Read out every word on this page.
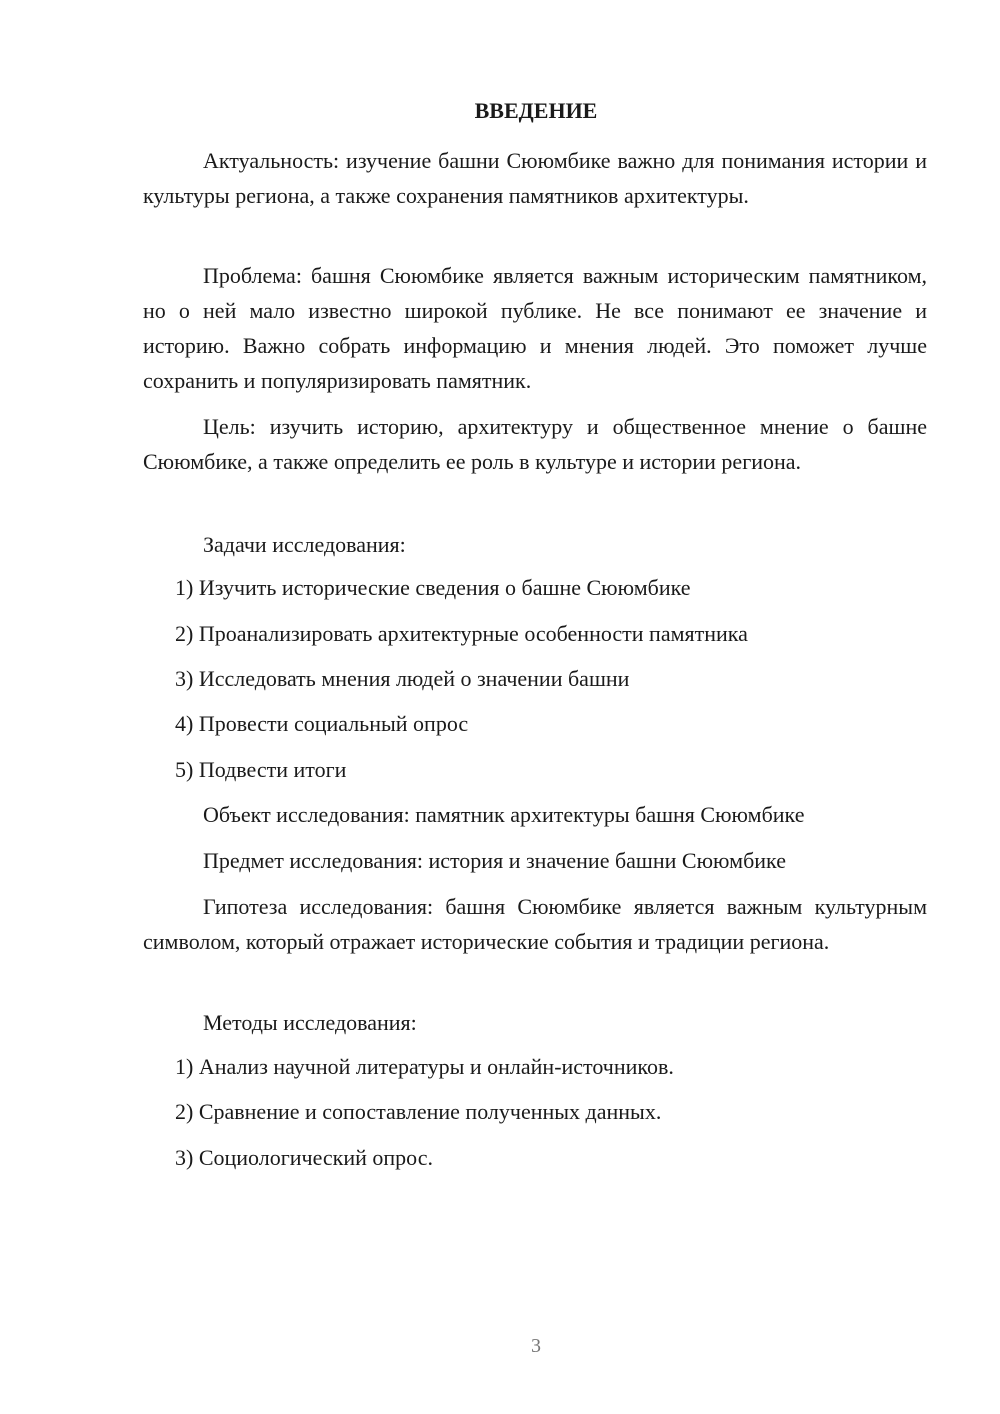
ВВЕДЕНИЕ

Актуальность: изучение башни Сююмбике важно для понимания истории и культуры региона, а также сохранения памятников архитектуры.

Проблема: башня Сююмбике является важным историческим памятником, но о ней мало известно широкой публике. Не все понимают ее значение и историю. Важно собрать информацию и мнения людей. Это поможет лучше сохранить и популяризировать памятник.

Цель: изучить историю, архитектуру и общественное мнение о башне Сююмбике, а также определить ее роль в культуре и истории региона.

Задачи исследования:

1) Изучить исторические сведения о башне Сююмбике

2) Проанализировать архитектурные особенности памятника

3) Исследовать мнения людей о значении башни

4) Провести социальный опрос

5) Подвести итоги

Объект исследования: памятник архитектуры башня Сююмбике

Предмет исследования: история и значение башни Сююмбике

Гипотеза исследования: башня Сююмбике является важным культурным символом, который отражает исторические события и традиции региона.

Методы исследования:

1) Анализ научной литературы и онлайн-источников.

2) Сравнение и сопоставление полученных данных.

3) Социологический опрос.

3
